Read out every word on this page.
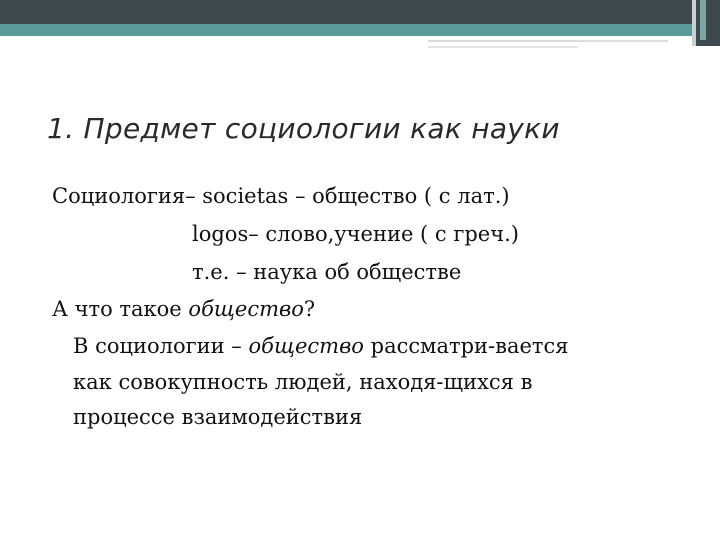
1. Предмет социологии как науки
Социология– societas – общество ( с лат.)
logos– слово,учение ( с греч.)
т.е. – наука об обществе
А что такое общество?
В социологии – общество рассматри-вается
как совокупность людей, находя-щихся в
процессе взаимодействия
